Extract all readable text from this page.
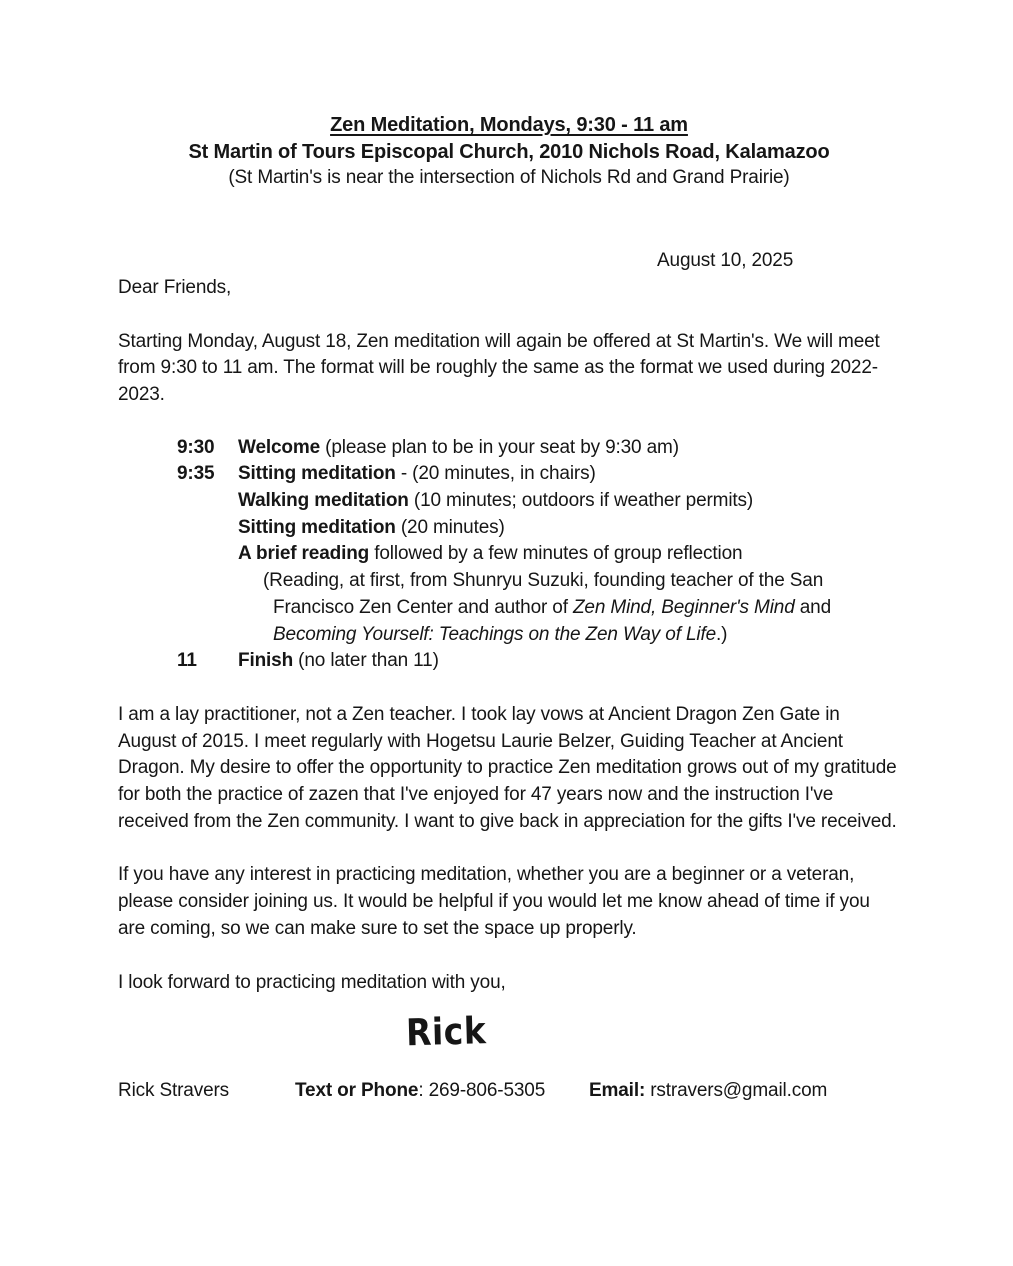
Zen Meditation, Mondays, 9:30 - 11 am
St Martin of Tours Episcopal Church, 2010 Nichols Road, Kalamazoo
(St Martin's is near the intersection of Nichols Rd and Grand Prairie)
August 10, 2025
Dear Friends,

Starting Monday, August 18, Zen meditation will again be offered at St Martin's. We will meet from 9:30 to 11 am. The format will be roughly the same as the format we used during 2022-2023.

9:30	Welcome (please plan to be in your seat by 9:30 am)
9:35	Sitting meditation - (20 minutes, in chairs)
Walking meditation (10 minutes; outdoors if weather permits)
Sitting meditation (20 minutes)
A brief reading followed by a few minutes of group reflection
(Reading, at first, from Shunryu Suzuki, founding teacher of the San
Francisco Zen Center and author of Zen Mind, Beginner's Mind and
Becoming Yourself: Teachings on the Zen Way of Life.)
11	Finish (no later than 11)

I am a lay practitioner, not a Zen teacher. I took lay vows at Ancient Dragon Zen Gate in August of 2015. I meet regularly with Hogetsu Laurie Belzer, Guiding Teacher at Ancient Dragon. My desire to offer the opportunity to practice Zen meditation grows out of my gratitude for both the practice of zazen that I've enjoyed for 47 years now and the instruction I've received from the Zen community. I want to give back in appreciation for the gifts I've received.

If you have any interest in practicing meditation, whether you are a beginner or a veteran, please consider joining us. It would be helpful if you would let me know ahead of time if you are coming, so we can make sure to set the space up properly.

I look forward to practicing meditation with you,
Rick
Rick Stravers	Text or Phone: 269-806-5305 Email: rstravers@gmail.com
